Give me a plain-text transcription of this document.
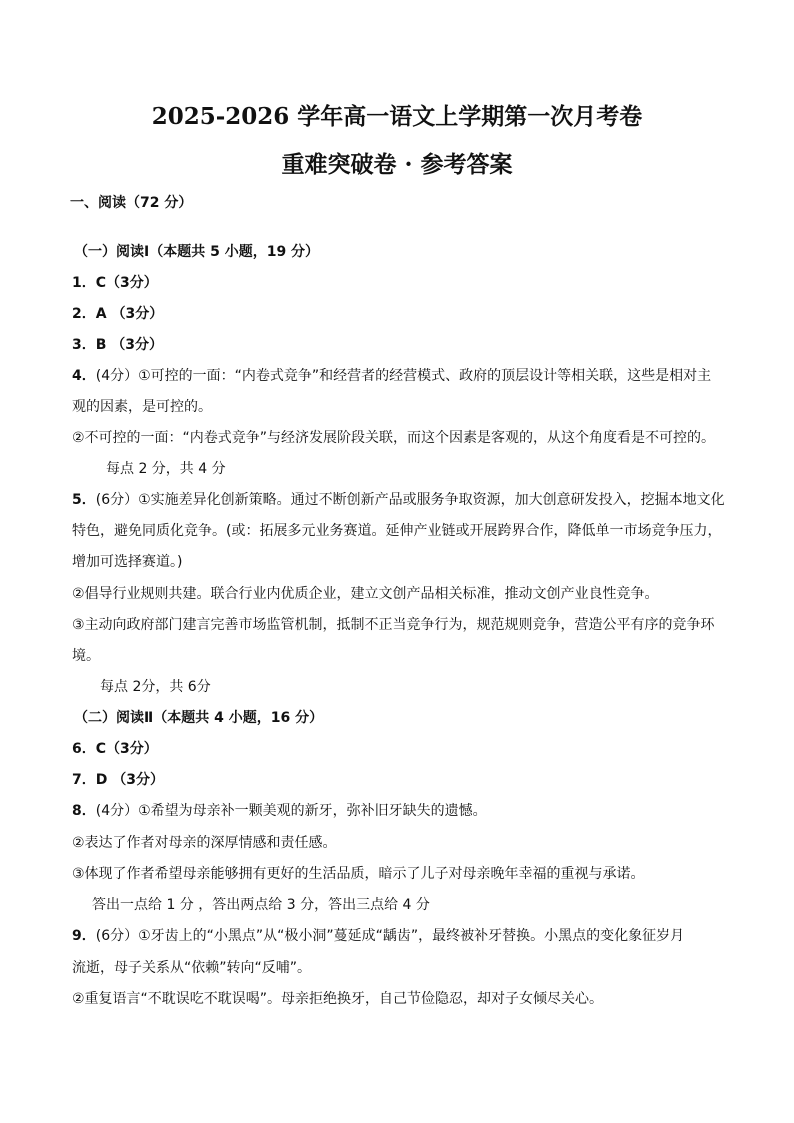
2025-2026 学年高一语文上学期第一次月考卷
重难突破卷 · 参考答案
一、阅读（72 分）
（一）阅读Ⅰ（本题共 5 小题，19 分）
1．C（3分）
2．A （3分）
3．B （3分）
4．(4分）①可控的一面：“内卷式竞争”和经营者的经营模式、政府的顶层设计等相关联，这些是相对主
观的因素，是可控的。
②不可控的一面：“内卷式竞争”与经济发展阶段关联，而这个因素是客观的，从这个角度看是不可控的。
每点 2 分，共 4 分
5．(6分）①实施差异化创新策略。通过不断创新产品或服务争取资源，加大创意研发投入，挖掘本地文化
特色，避免同质化竞争。(或：拓展多元业务赛道。延伸产业链或开展跨界合作，降低单一市场竞争压力，
增加可选择赛道。)
②倡导行业规则共建。联合行业内优质企业，建立文创产品相关标准，推动文创产业良性竞争。
③主动向政府部门建言完善市场监管机制，抵制不正当竞争行为，规范规则竞争，营造公平有序的竞争环
境。
每点 2分，共 6分
（二）阅读Ⅱ（本题共 4 小题，16 分）
6．C（3分）
7．D （3分）
8．(4分）①希望为母亲补一颗美观的新牙，弥补旧牙缺失的遗憾。
②表达了作者对母亲的深厚情感和责任感。
③体现了作者希望母亲能够拥有更好的生活品质，暗示了儿子对母亲晚年幸福的重视与承诺。
答出一点给 1 分 ，答出两点给 3 分，答出三点给 4 分
9．(6分）①牙齿上的“小黑点”从“极小洞”蔓延成“龋齿”，最终被补牙替换。小黑点的变化象征岁月
流逝，母子关系从“依赖”转向“反哺”。
②重复语言“不耽误吃不耽误喝”。母亲拒绝换牙，自己节俭隐忍，却对子女倾尽关心。
